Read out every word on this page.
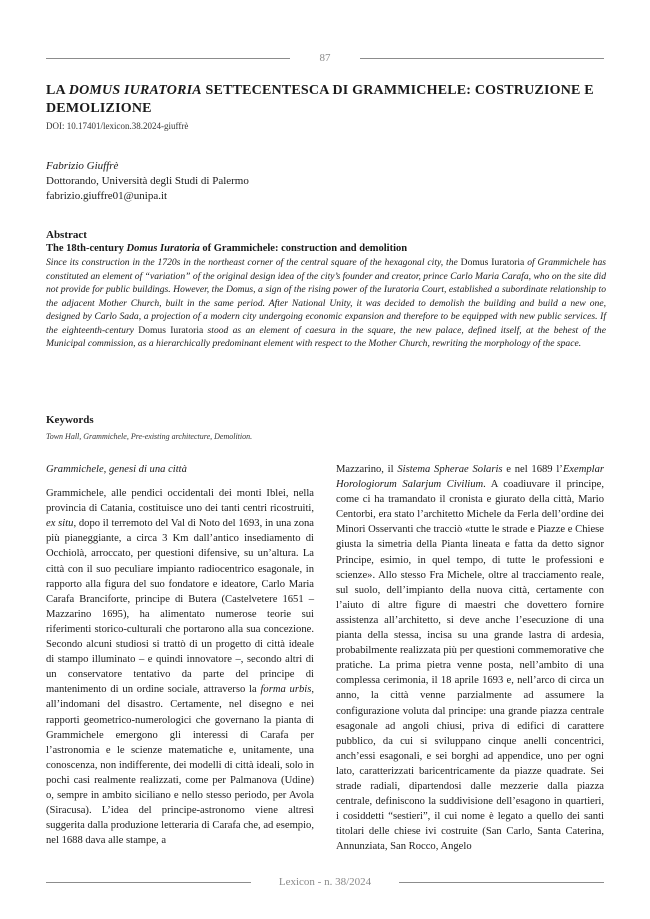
87
LA DOMUS IURATORIA SETTECENTESCA DI GRAMMICHELE: COSTRUZIONE E DEMOLIZIONE
DOI: 10.17401/lexicon.38.2024-giuffrè
Fabrizio Giuffrè
Dottorando, Università degli Studi di Palermo
fabrizio.giuffre01@unipa.it
Abstract
The 18th-century Domus Iuratoria of Grammichele: construction and demolition
Since its construction in the 1720s in the northeast corner of the central square of the hexagonal city, the Domus Iuratoria of Grammichele has constituted an element of “variation” of the original design idea of the city’s founder and creator, prince Carlo Maria Carafa, who on the site did not provide for public buildings. However, the Domus, a sign of the rising power of the Iuratoria Court, established a subordinate relationship to the adjacent Mother Church, built in the same period. After National Unity, it was decided to demolish the building and build a new one, designed by Carlo Sada, a projection of a modern city undergoing economic expansion and therefore to be equipped with new public services. If the eighteenth-century Domus Iuratoria stood as an element of caesura in the square, the new palace, defined itself, at the behest of the Municipal commission, as a hierarchically predominant element with respect to the Mother Church, rewriting the morphology of the space.
Keywords
Town Hall, Grammichele, Pre-existing architecture, Demolition.
Grammichele, genesi di una città

Grammichele, alle pendici occidentali dei monti Iblei, nella provincia di Catania, costituisce uno dei tanti centri ricostruiti, ex situ, dopo il terremoto del Val di Noto del 1693, in una zona più pianeggiante, a circa 3 Km dall’antico insediamento di Occhiolà, arroccato, per questioni difensive, su un’altura. La città con il suo peculiare impianto radiocentrico esagonale, in rapporto alla figura del suo fondatore e ideatore, Carlo Maria Carafa Branciforte, principe di Butera (Castelvetere 1651 – Mazzarino 1695), ha alimentato numerose teorie sui riferimenti storico-culturali che portarono alla sua concezione. Secondo alcuni studiosi si trattò di un progetto di città ideale di stampo illuminato – e quindi innovatore –, secondo altri di un conservatore tentativo da parte del principe di mantenimento di un ordine sociale, attraverso la forma urbis, all’indomani del disastro. Certamente, nel disegno e nei rapporti geometrico-numerologici che governano la pianta di Grammichele emergono gli interessi di Carafa per l’astronomia e le scienze matematiche e, unitamente, una conoscenza, non indifferente, dei modelli di città ideali, solo in pochi casi realmente realizzati, come per Palmanova (Udine) o, sempre in ambito siciliano e nello stesso periodo, per Avola (Siracusa). L’idea del principe-astronomo viene altresì suggerita dalla produzione letteraria di Carafa che, ad esempio, nel 1688 dava alle stampe, a

Mazzarino, il Sistema Spherae Solaris e nel 1689 l’Exemplar Horologiorum Salarjum Civilium. A coadiuvare il principe, come ci ha tramandato il cronista e giurato della città, Mario Centorbi, era stato l’architetto Michele da Ferla dell’ordine dei Minori Osservanti che tracciò «tutte le strade e Piazze e Chiese giusta la simetria della Pianta lineata e fatta da detto signor Principe, esimio, in quel tempo, di tutte le professioni e scienze». Allo stesso Fra Michele, oltre al tracciamento reale, sul suolo, dell’impianto della nuova città, certamente con l’aiuto di altre figure di maestri che dovettero fornire assistenza all’architetto, si deve anche l’esecuzione di una pianta della stessa, incisa su una grande lastra di ardesia, probabilmente realizzata più per questioni commemorative che pratiche. La prima pietra venne posta, nell’ambito di una complessa cerimonia, il 18 aprile 1693 e, nell’arco di circa un anno, la città venne parzialmente ad assumere la configurazione voluta dal principe: una grande piazza centrale esagonale ad angoli chiusi, priva di edifici di carattere pubblico, da cui si sviluppano cinque anelli concentrici, anch’essi esagonali, e sei borghi ad appendice, uno per ogni lato, caratterizzati baricentricamente da piazze quadrate. Sei strade radiali, dipartendosi dalle mezzerie dalla piazza centrale, definiscono la suddivisione dell’esagono in quartieri, i cosiddetti “sestieri”, il cui nome è legato a quello dei santi titolari delle chiese ivi costruite (San Carlo, Santa Caterina, Annunziata, San Rocco, Angelo

Lexicon - n. 38/2024
